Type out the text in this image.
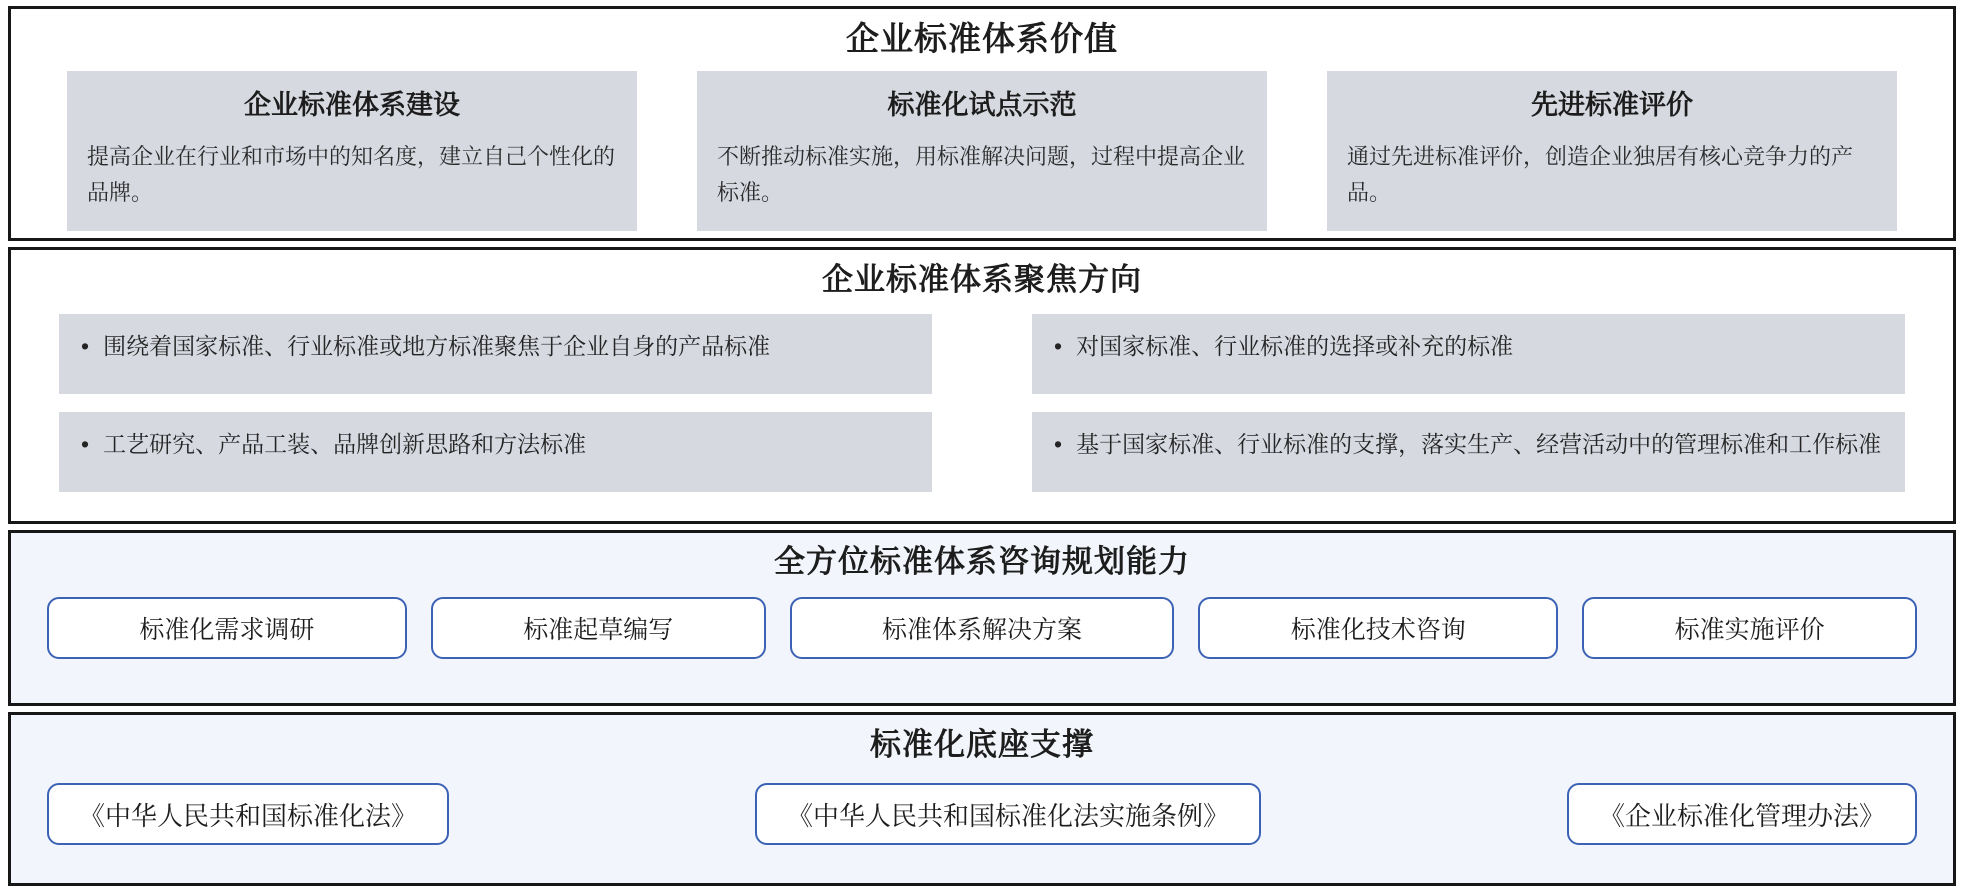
企业标准体系价值
企业标准体系建设
提高企业在行业和市场中的知名度，建立自己个性化的品牌。
标准化试点示范
不断推动标准实施，用标准解决问题，过程中提高企业标准。
先进标准评价
通过先进标准评价，创造企业独居有核心竞争力的产品。
企业标准体系聚焦方向
• 围绕着国家标准、行业标准或地方标准聚焦于企业自身的产品标准	• 对国家标准、行业标准的选择或补充的标准
• 工艺研究、产品工装、品牌创新思路和方法标准	• 基于国家标准、行业标准的支撑，落实生产、经营活动中的管理标准和工作标准
全方位标准体系咨询规划能力
标准化需求调研	标准起草编写	标准体系解决方案	标准化技术咨询	标准实施评价
标准化底座支撑
《中华人民共和国标准化法》	《中华人民共和国标准化法实施条例》	《企业标准化管理办法》
